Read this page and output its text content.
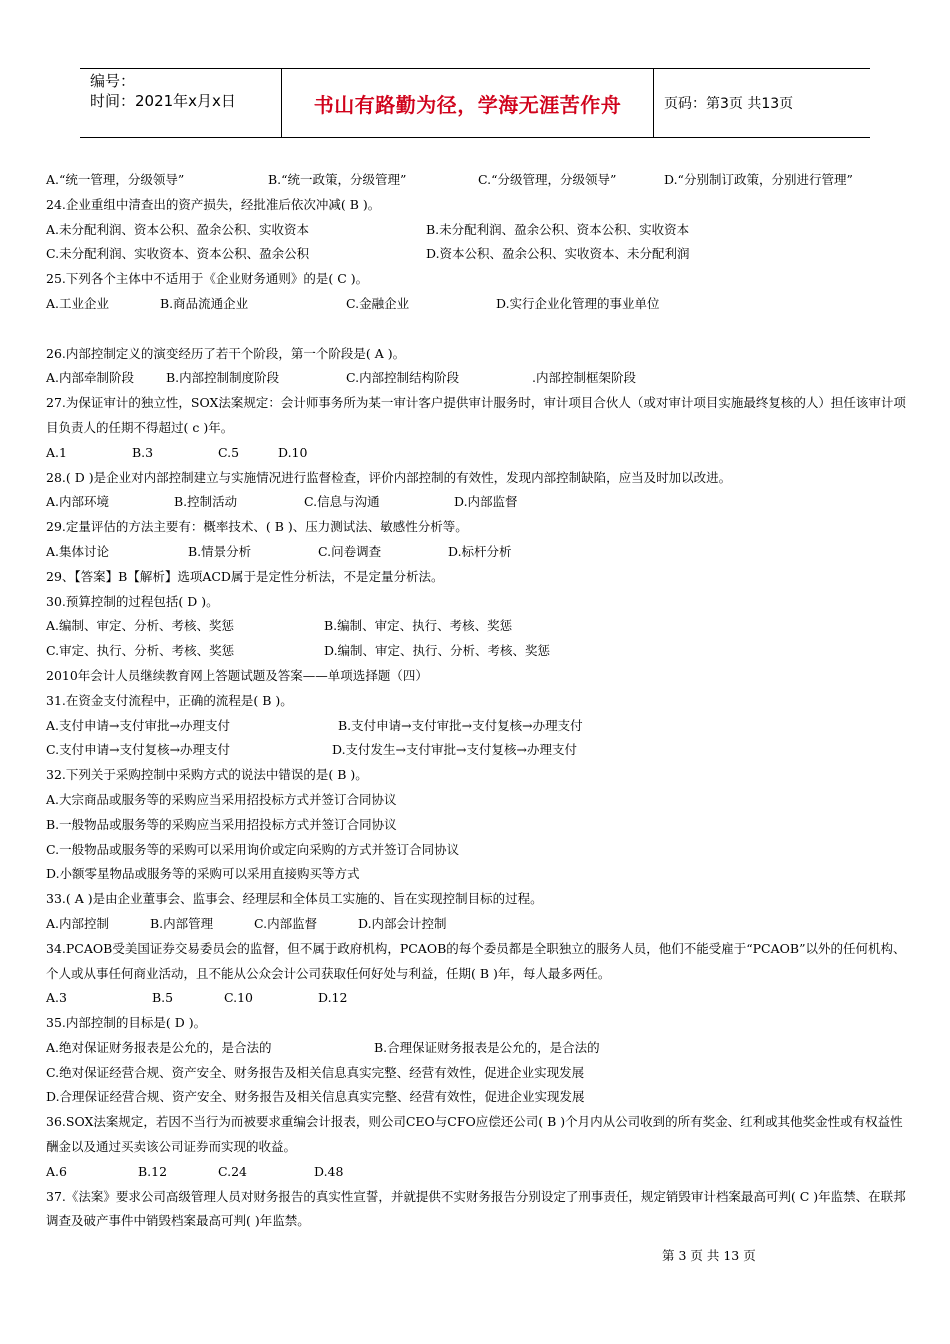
编号：
时间：2021年x月x日	书山有路勤为径，学海无涯苦作舟	页码：第3页 共13页
A.“统一管理，分级领导”	B.“统一政策，分级管理”	C.“分级管理，分级领导”	D.“分别制订政策，分别进行管理”
24.企业重组中清查出的资产损失，经批准后依次冲减( B )。
A.未分配利润、资本公积、盈余公积、实收资本	B.未分配利润、盈余公积、资本公积、实收资本
C.未分配利润、实收资本、资本公积、盈余公积	D.资本公积、盈余公积、实收资本、未分配利润
25.下列各个主体中不适用于《企业财务通则》的是( C )。
A.工业企业	B.商品流通企业	C.金融企业	D.实行企业化管理的事业单位
26.内部控制定义的演变经历了若干个阶段，第一个阶段是( A )。
A.内部牵制阶段	B.内部控制制度阶段	C.内部控制结构阶段	.内部控制框架阶段
27.为保证审计的独立性，SOX法案规定：会计师事务所为某一审计客户提供审计服务时，审计项目合伙人（或对审计项目实施最终复核的人）担任该审计项目负责人的任期不得超过( c )年。
A.1	B.3	C.5	D.10
28.( D )是企业对内部控制建立与实施情况进行监督检查，评价内部控制的有效性，发现内部控制缺陷，应当及时加以改进。
A.内部环境	B.控制活动	C.信息与沟通	D.内部监督
29.定量评估的方法主要有：概率技术、( B )、压力测试法、敏感性分析等。
A.集体讨论	B.情景分析	C.问卷调查	D.标杆分析
29、【答案】B【解析】选项ACD属于是定性分析法，不是定量分析法。
30.预算控制的过程包括( D )。
A.编制、审定、分析、考核、奖惩	B.编制、审定、执行、考核、奖惩
C.审定、执行、分析、考核、奖惩	D.编制、审定、执行、分析、考核、奖惩
2010年会计人员继续教育网上答题试题及答案——单项选择题（四）
31.在资金支付流程中，正确的流程是( B )。
A.支付申请→支付审批→办理支付	B.支付申请→支付审批→支付复核→办理支付
C.支付申请→支付复核→办理支付	D.支付发生→支付审批→支付复核→办理支付
32.下列关于采购控制中采购方式的说法中错误的是( B )。
A.大宗商品或服务等的采购应当采用招投标方式并签订合同协议
B.一般物品或服务等的采购应当采用招投标方式并签订合同协议
C.一般物品或服务等的采购可以采用询价或定向采购的方式并签订合同协议
D.小额零星物品或服务等的采购可以采用直接购买等方式
33.( A )是由企业董事会、监事会、经理层和全体员工实施的、旨在实现控制目标的过程。
A.内部控制	B.内部管理	C.内部监督	D.内部会计控制
34.PCAOB受美国证券交易委员会的监督，但不属于政府机构，PCAOB的每个委员都是全职独立的服务人员，他们不能受雇于“PCAOB”以外的任何机构、个人或从事任何商业活动，且不能从公众会计公司获取任何好处与利益，任期( B )年，每人最多两任。
A.3	B.5	C.10	D.12
35.内部控制的目标是( D )。
A.绝对保证财务报表是公允的，是合法的	B.合理保证财务报表是公允的，是合法的
C.绝对保证经营合规、资产安全、财务报告及相关信息真实完整、经营有效性，促进企业实现发展
D.合理保证经营合规、资产安全、财务报告及相关信息真实完整、经营有效性，促进企业实现发展
36.SOX法案规定，若因不当行为而被要求重编会计报表，则公司CEO与CFO应偿还公司( B )个月内从公司收到的所有奖金、红利或其他奖金性或有权益性酬金以及通过买卖该公司证券而实现的收益。
A.6	B.12	C.24	D.48
37.《法案》要求公司高级管理人员对财务报告的真实性宣誓，并就提供不实财务报告分别设定了刑事责任，规定销毁审计档案最高可判( C )年监禁、在联邦调查及破产事件中销毁档案最高可判( )年监禁。
第 3 页 共 13 页
